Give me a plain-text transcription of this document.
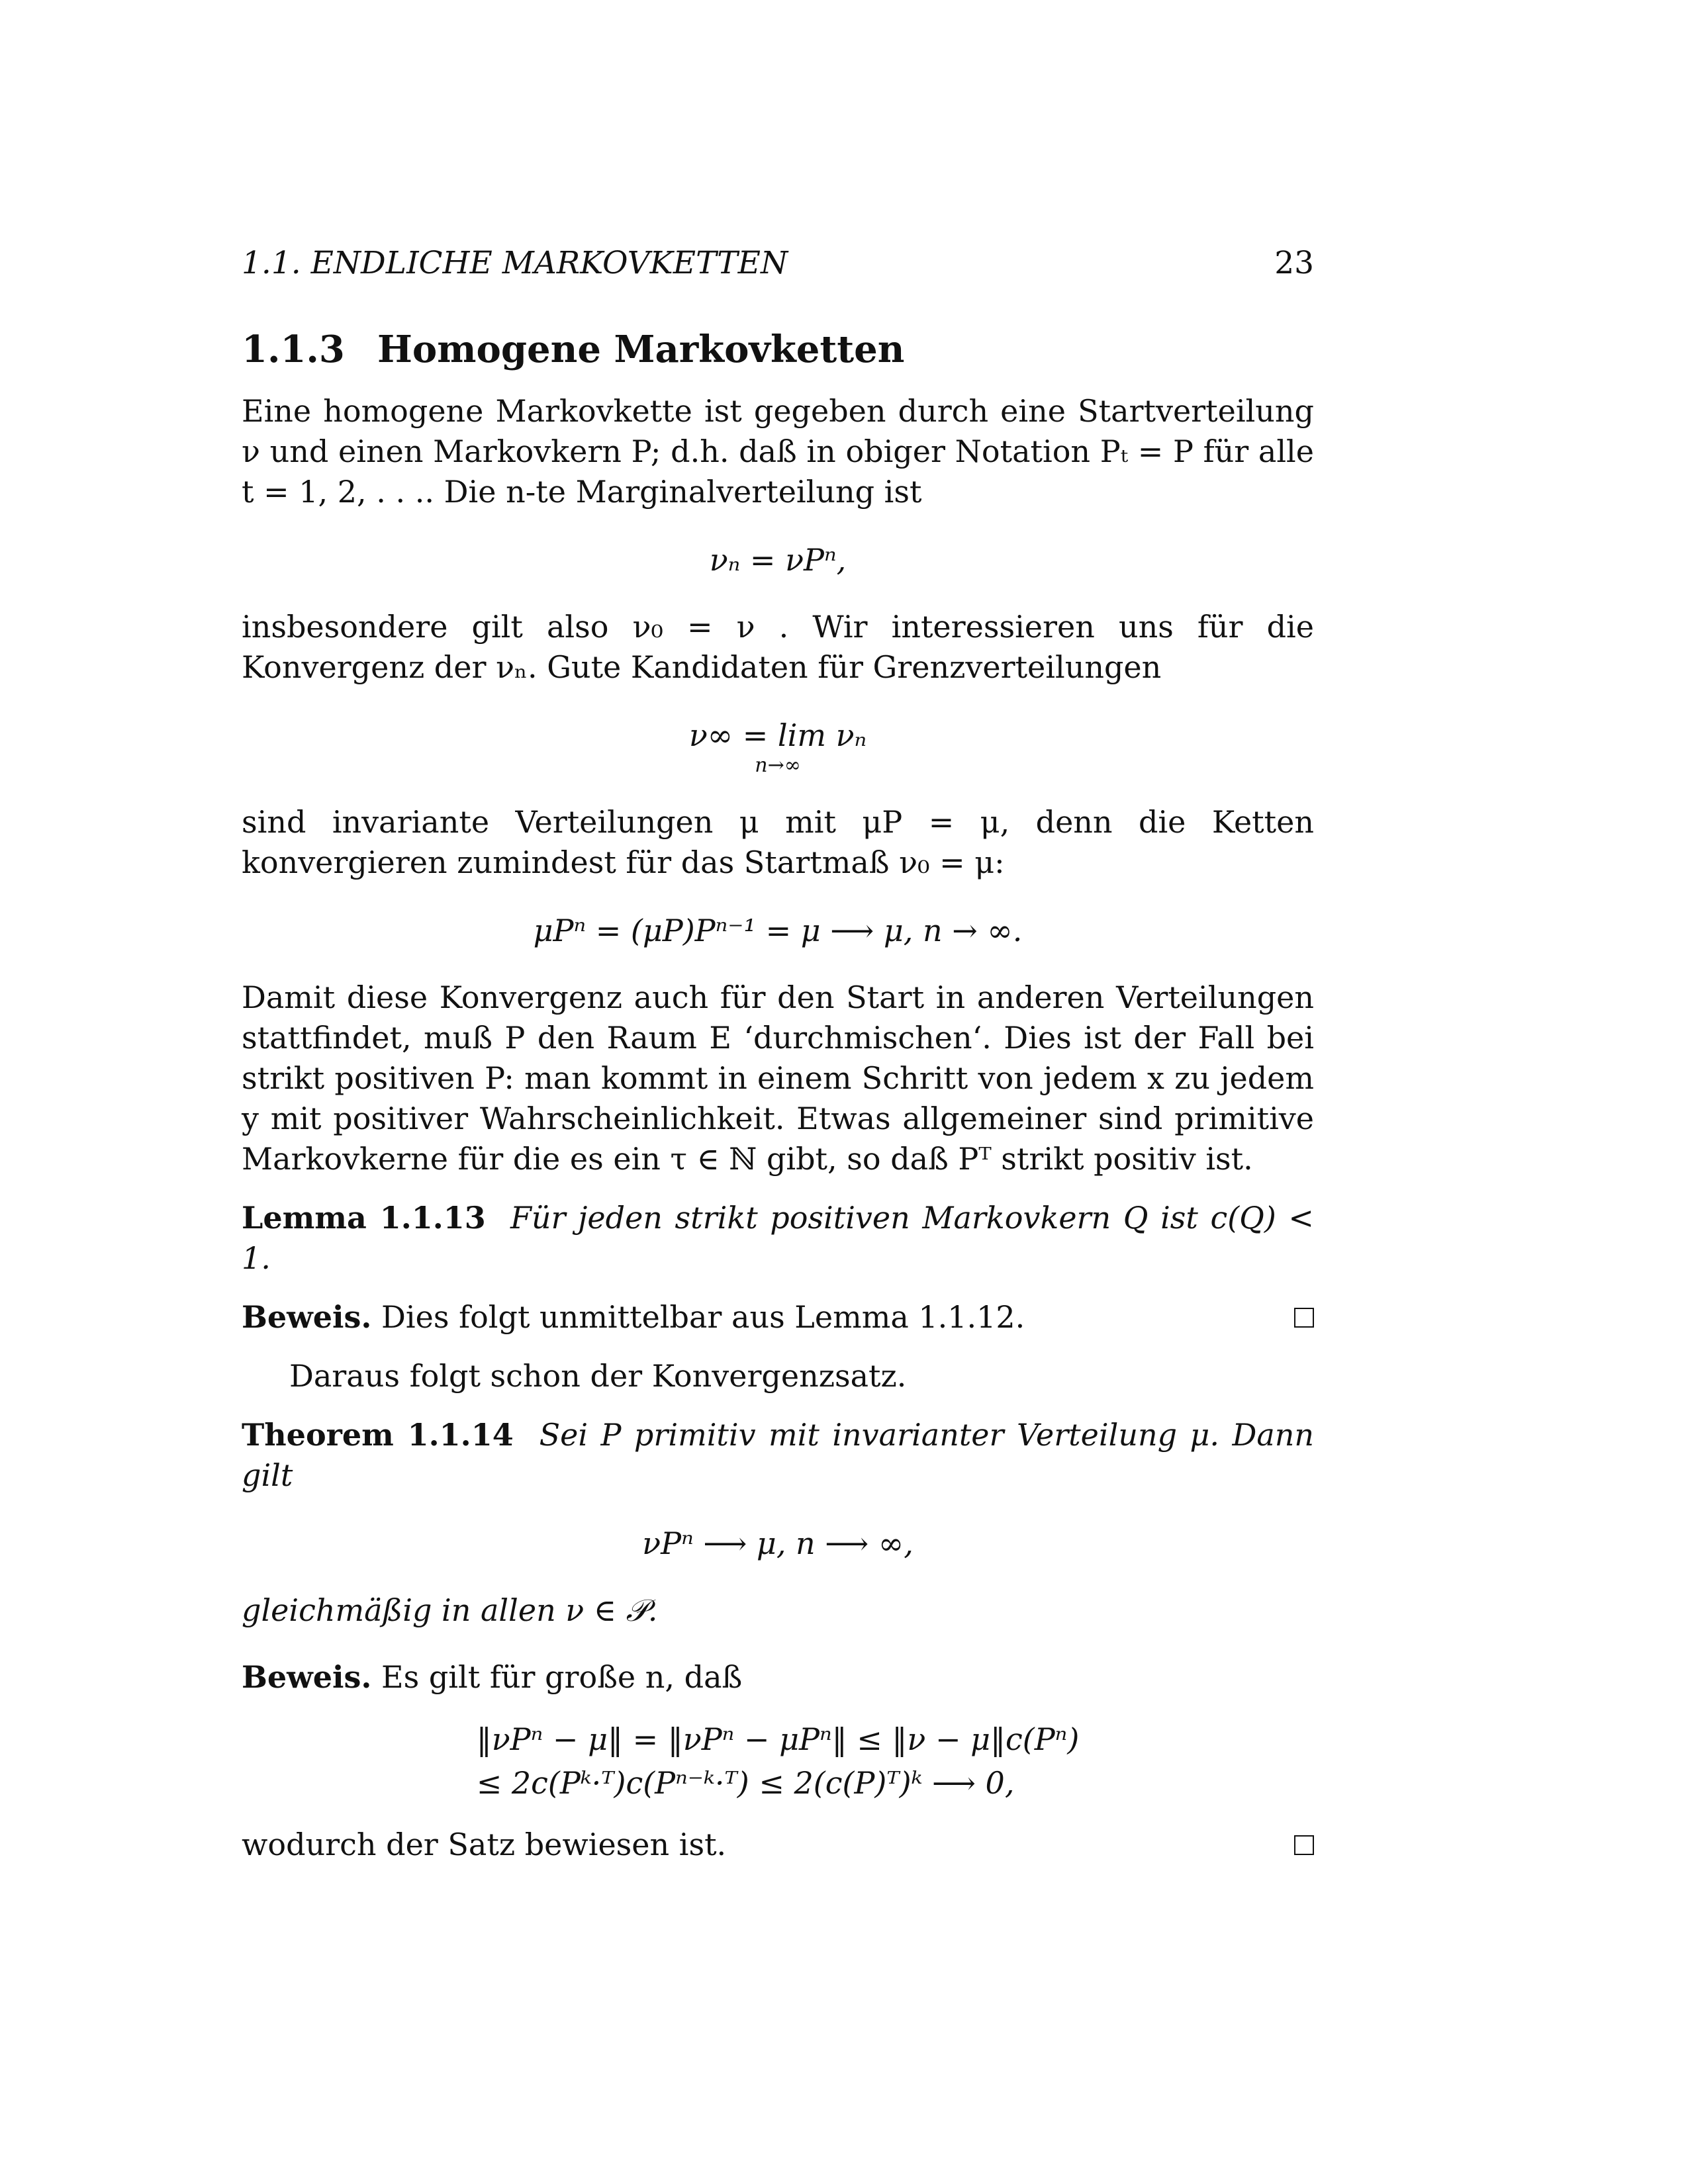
1.1. ENDLICHE MARKOVKETTEN	23
1.1.3 Homogene Markovketten

Eine homogene Markovkette ist gegeben durch eine Startverteilung ν und einen Markovkern P; d.h. daß in obiger Notation Pₜ = P für alle t = 1, 2, . . .. Die n-te Marginalverteilung ist

νₙ = νPⁿ,

insbesondere gilt also ν₀ = ν . Wir interessieren uns für die Konvergenz der νₙ. Gute Kandidaten für Grenzverteilungen

ν∞ = lim νₙ
n→∞

sind invariante Verteilungen μ mit μP = μ, denn die Ketten konvergieren zumindest für das Startmaß ν₀ = μ:

μPⁿ = (μP)Pⁿ⁻¹ = μ ⟶ μ, n → ∞.

Damit diese Konvergenz auch für den Start in anderen Verteilungen stattfindet, muß P den Raum E ‘durchmischen‘. Dies ist der Fall bei strikt positiven P: man kommt in einem Schritt von jedem x zu jedem y mit positiver Wahrscheinlichkeit. Etwas allgemeiner sind primitive Markovkerne für die es ein τ ∈ ℕ gibt, so daß Pᵀ strikt positiv ist.

Lemma 1.1.13 Für jeden strikt positiven Markovkern Q ist c(Q) < 1.

Beweis. Dies folgt unmittelbar aus Lemma 1.1.12.

Daraus folgt schon der Konvergenzsatz.

Theorem 1.1.14 Sei P primitiv mit invarianter Verteilung μ. Dann gilt

νPⁿ ⟶ μ, n ⟶ ∞,

gleichmäßig in allen ν ∈ 𝒫.

Beweis. Es gilt für große n, daß

‖νPⁿ − μ‖ = ‖νPⁿ − μPⁿ‖ ≤ ‖ν − μ‖c(Pⁿ)
≤ 2c(Pᵏ·ᵀ)c(Pⁿ⁻ᵏ·ᵀ) ≤ 2(c(P)ᵀ)ᵏ ⟶ 0,

wodurch der Satz bewiesen ist.
